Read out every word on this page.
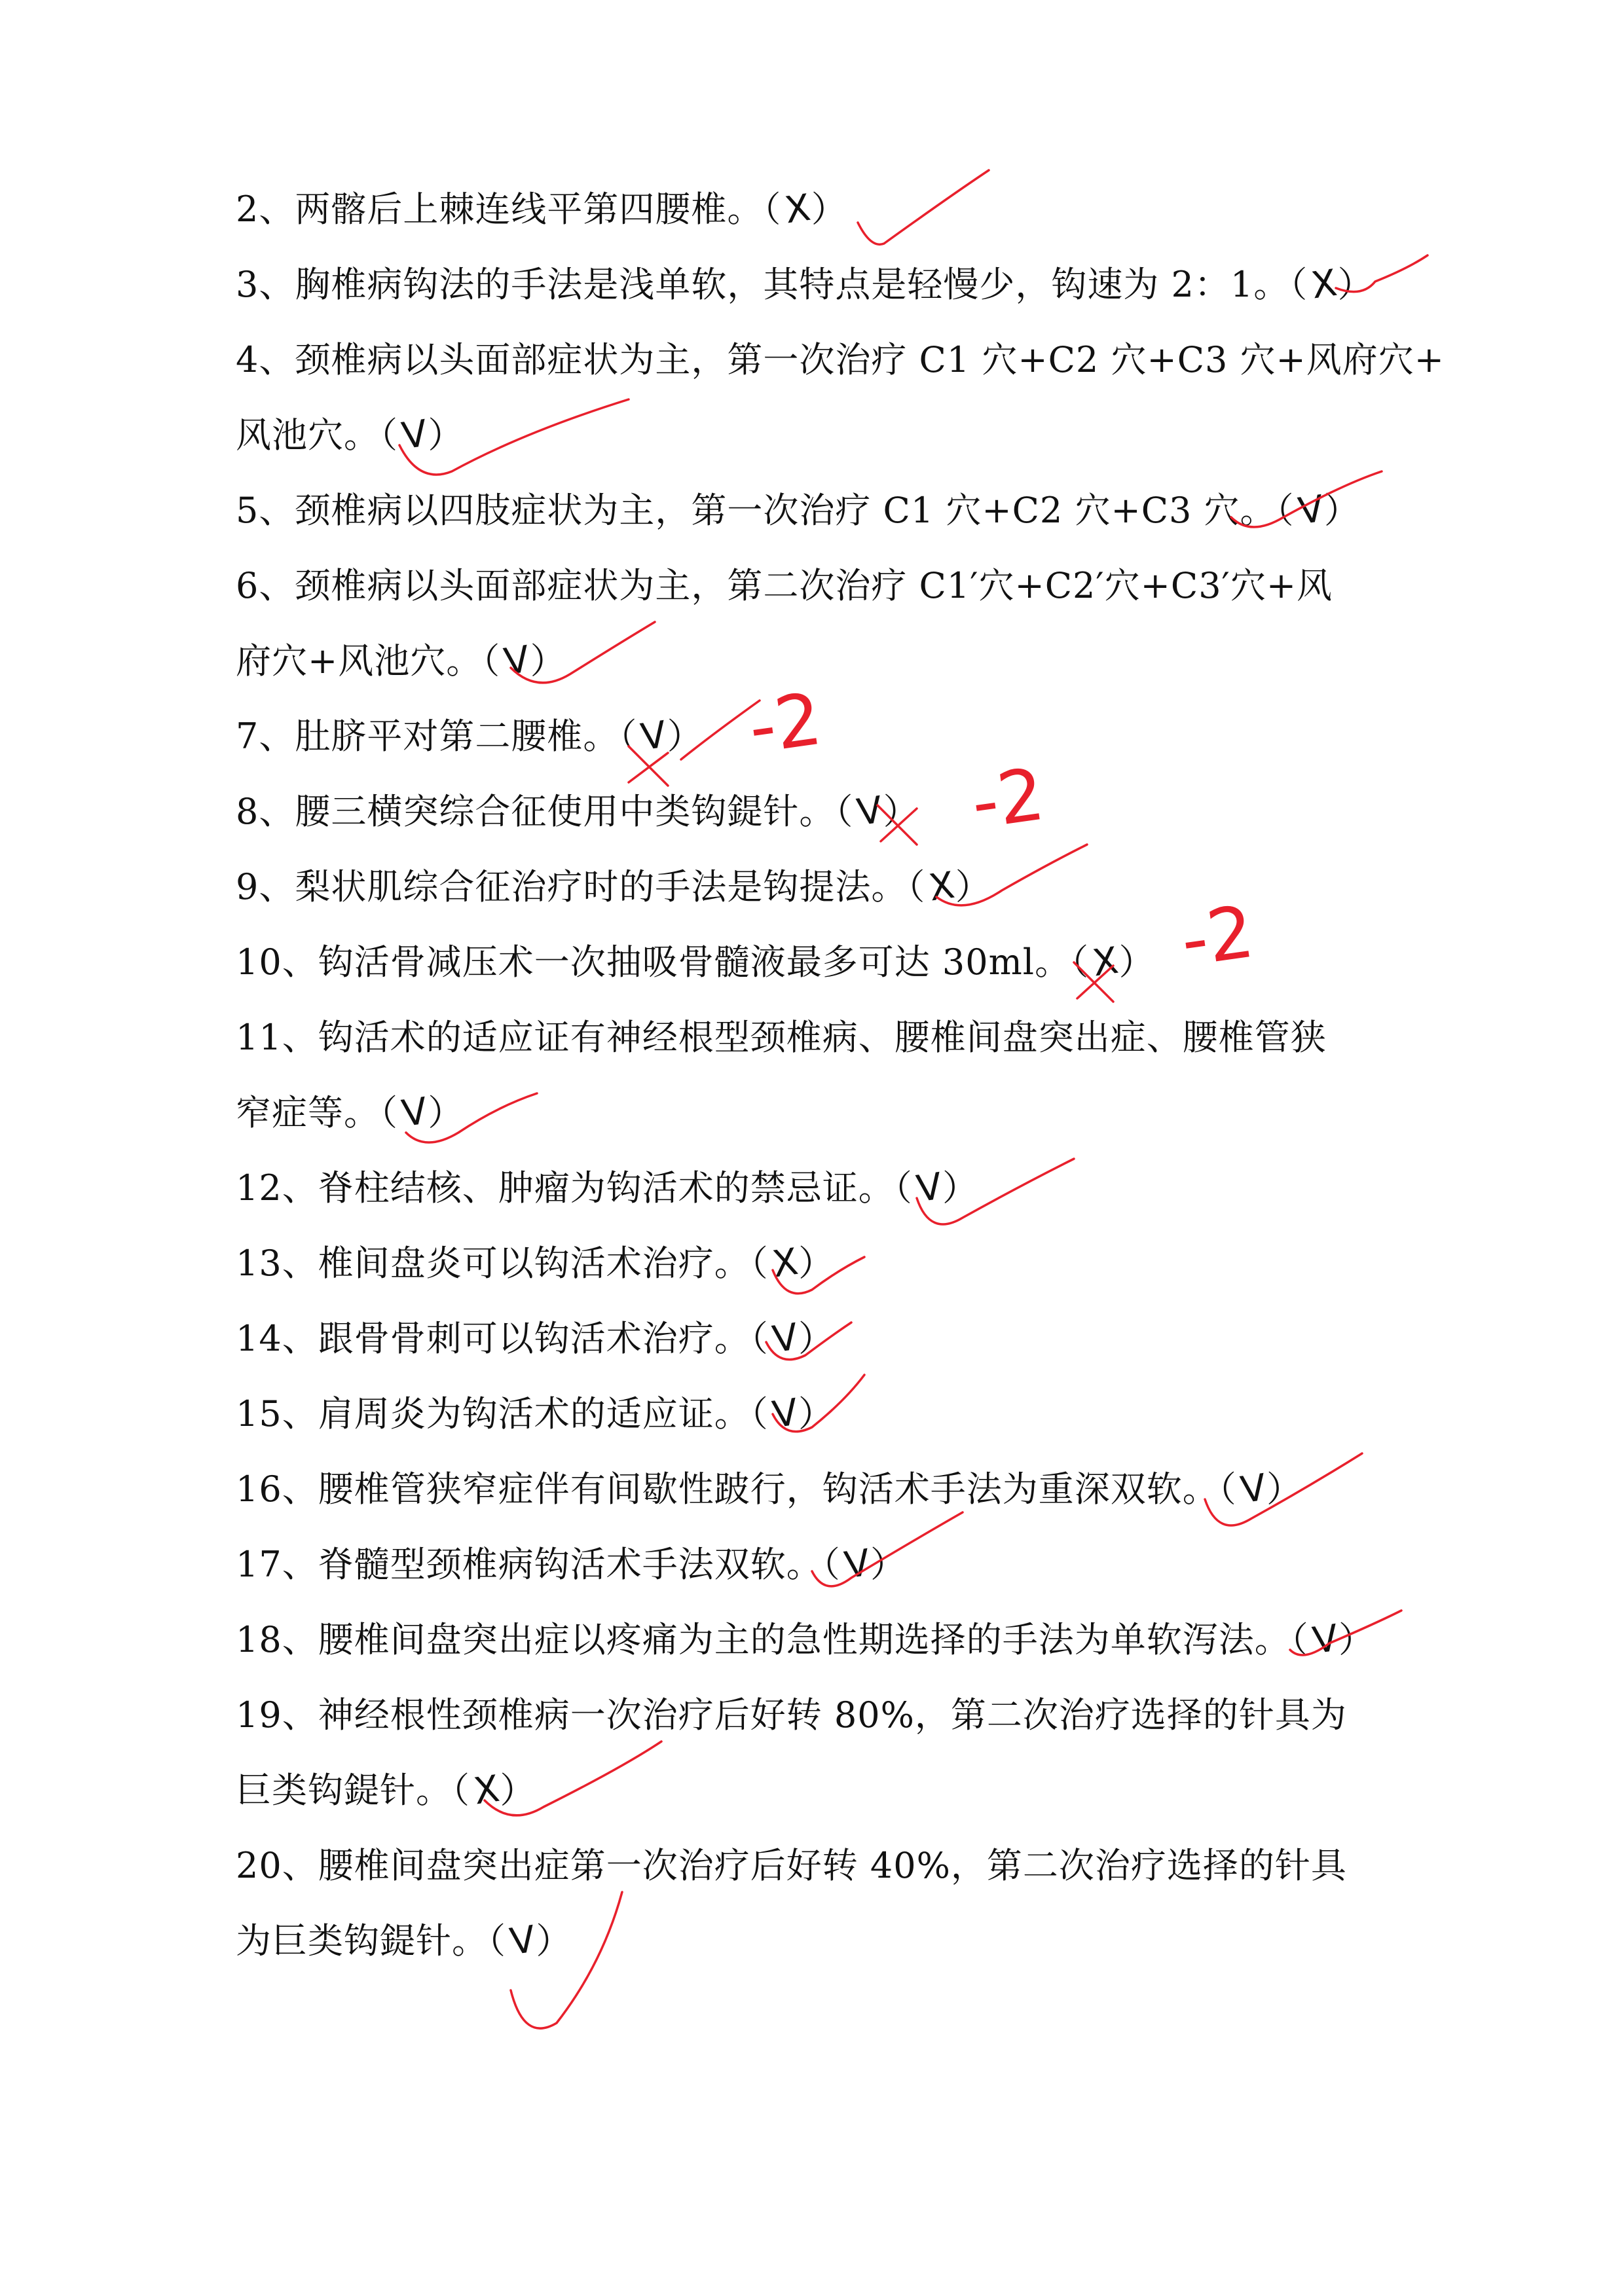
2、两髂后上棘连线平第四腰椎。（X）
3、胸椎病钩法的手法是浅单软，其特点是轻慢少，钩速为 2：1。（X）
4、颈椎病以头面部症状为主，第一次治疗 C1 穴+C2 穴+C3 穴+风府穴+
风池穴。（V）
5、颈椎病以四肢症状为主，第一次治疗 C1 穴+C2 穴+C3 穴。（V）
6、颈椎病以头面部症状为主，第二次治疗 C1′穴+C2′穴+C3′穴+风
府穴+风池穴。（V）
7、肚脐平对第二腰椎。（V）
8、腰三横突综合征使用中类钩鍉针。（V）
9、梨状肌综合征治疗时的手法是钩提法。（X）
10、钩活骨减压术一次抽吸骨髓液最多可达 30ml。（X）
11、钩活术的适应证有神经根型颈椎病、腰椎间盘突出症、腰椎管狭
窄症等。（V）
12、脊柱结核、肿瘤为钩活术的禁忌证。（V）
13、椎间盘炎可以钩活术治疗。（X）
14、跟骨骨刺可以钩活术治疗。（V）
15、肩周炎为钩活术的适应证。（V）
16、腰椎管狭窄症伴有间歇性跛行，钩活术手法为重深双软。（V）
17、脊髓型颈椎病钩活术手法双软。（V）
18、腰椎间盘突出症以疼痛为主的急性期选择的手法为单软泻法。（V）
19、神经根性颈椎病一次治疗后好转 80%，第二次治疗选择的针具为
巨类钩鍉针。（X）
20、腰椎间盘突出症第一次治疗后好转 40%，第二次治疗选择的针具
为巨类钩鍉针。（V）
-2
-2
-2
